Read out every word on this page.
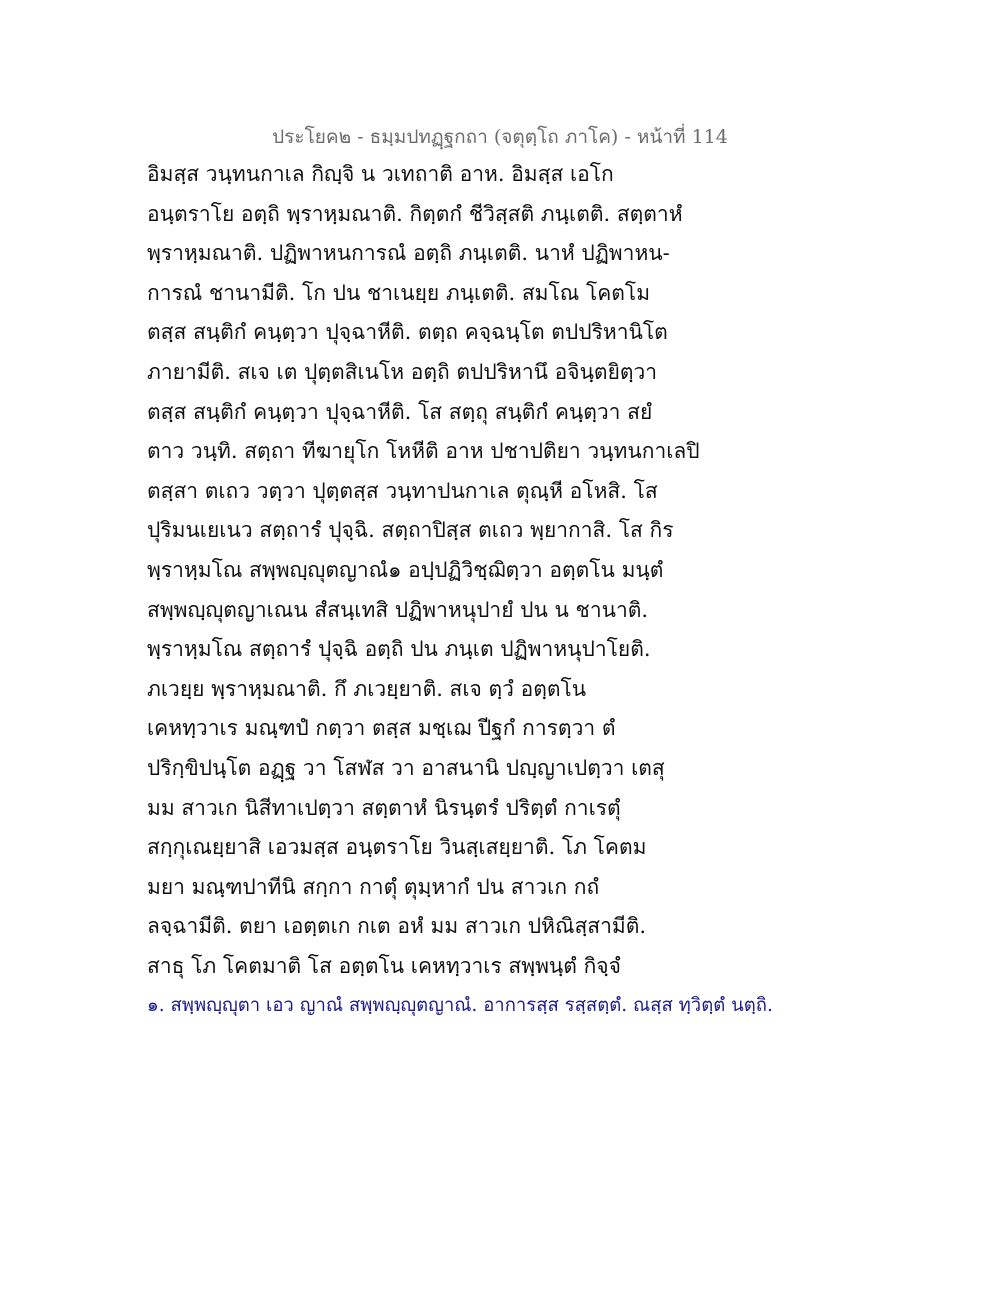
ประโยค๒ - ธมฺมปทฏฺฐกถา (จตุตฺโถ ภาโค) - หน้าที่ 114
อิมสฺส วนฺทนกาเล กิญฺจิ น วเทถาติ อาห. อิมสฺส เอโก
อนฺตราโย อตฺถิ พฺราหฺมณาติ. กิตฺตกํ ชีวิสฺสติ ภนฺเตติ. สตฺตาหํ
พฺราหฺมณาติ. ปฏิพาหนการณํ อตฺถิ ภนฺเตติ. นาหํ ปฏิพาหน-
การณํ ชานามีติ. โก ปน ชาเนยฺย ภนฺเตติ. สมโณ โคตโม
ตสฺส สนฺติกํ คนฺตฺวา ปุจฺฉาหีติ. ตตฺถ คจฺฉนฺโต ตปปริหานิโต
ภายามีติ. สเจ เต ปุตฺตสิเนโห อตฺถิ ตปปริหานึ อจินฺตยิตฺวา
ตสฺส สนฺติกํ คนฺตฺวา ปุจฺฉาหีติ. โส สตฺถุ สนฺติกํ คนฺตฺวา สยํ
ตาว วนฺทิ. สตฺถา ทีฆายุโก โหหีติ อาห ปชาปติยา วนฺทนกาเลปิ
ตสฺสา ตเถว วตฺวา ปุตฺตสฺส วนฺทาปนกาเล ตุณฺหี อโหสิ. โส
ปุริมนเยเนว สตฺถารํ ปุจฺฉิ. สตฺถาปิสฺส ตเถว พฺยากาสิ. โส กิร
พฺราหฺมโณ สพฺพญฺญุตญาณํ๑ อปฺปฏิวิชฺฌิตฺวา อตฺตโน มนฺตํ
สพฺพญฺญุตญาเณน สํสนฺเทสิ ปฏิพาหนุปายํ ปน น ชานาติ.
พฺราหฺมโณ สตฺถารํ ปุจฺฉิ อตฺถิ ปน ภนฺเต ปฏิพาหนุปาโยติ.
ภเวยฺย พฺราหฺมณาติ. กึ ภเวยฺยาติ. สเจ ตฺวํ อตฺตโน
เคหทฺวาเร มณฺฑปํ กตฺวา ตสฺส มชฺเฌ ปีฐกํ การตฺวา ตํ
ปริกฺขิปนฺโต อฏฺฐ วา โสฬส วา อาสนานิ ปญฺญาเปตฺวา เตสุ
มม สาวเก นิสีทาเปตฺวา สตฺตาหํ นิรนฺตรํ ปริตฺตํ กาเรตุํ
สกฺกุเณยฺยาสิ เอวมสฺส อนฺตราโย วินสฺเสยฺยาติ. โภ โคตม
มยา มณฺฑปาทีนิ สกฺกา กาตุํ ตุมฺหากํ ปน สาวเก กถํ
ลจฺฉามีติ. ตยา เอตฺตเก กเต อหํ มม สาวเก ปหิณิสฺสามีติ.
สาธุ โภ โคตมาติ โส อตฺตโน เคหทฺวาเร สพฺพนฺตํ กิจฺจํ
๑. สพฺพญฺญุตา เอว ญาณํ สพฺพญฺญุตญาณํ. อาการสฺส รสฺสตฺตํ. ณสฺส ทฺวิตฺตํ นตฺถิ.
